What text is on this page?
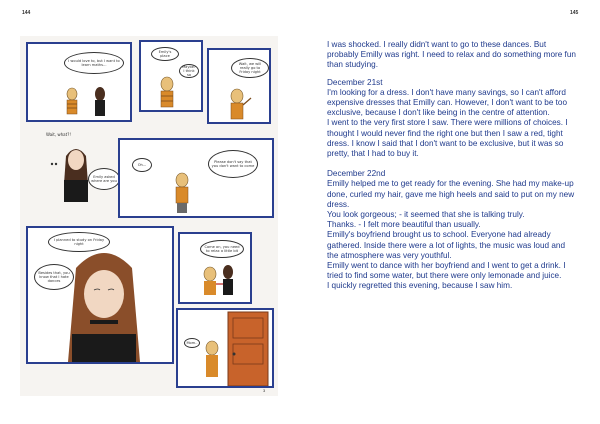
144	145
I would love to, but I want to learn maths...
Emily's place
Maybe? I think so
Wait, we will really go to Friday night
Wait, what?!
Emily asked where are you
Oh...
Please don't say that you don't want to come
I planned to study on Friday night
Besides that, you know that I hate dances
Come on, you need to relax a little bit
Mom..
3

I was shocked. I really didn't want to go to these dances. But probably Emilly was right. I need to relax and do something more fun than studying.

December 21st

I'm looking for a dress. I don't have many savings, so I can't afford expensive dresses that Emilly can. However, I don't want to be too exclusive, because I don't like being in the centre of attention.

I went to the very first store I saw. There were millions of choices. I thought I would never find the right one but then I saw a red, tight dress. I know I said that I don't want to be exclusive, but it was so pretty, that I had to buy it.

December 22nd

Emilly helped me to get ready for the evening. She had my make-up done, curled my hair, gave me high heels and said to put on my new dress.

You look gorgeous; - it seemed that she is talking truly.

Thanks. - I felt more beautiful than usually.

Emilly's boyfriend brought us to school. Everyone had already gathered. Inside there were a lot of lights, the music was loud and the atmosphere was very youthful.

Emilly went to dance with her boyfriend and I went to get a drink. I tried to find some water, but there were only lemonade and juice.

I quickly regretted this evening, because I saw him.
